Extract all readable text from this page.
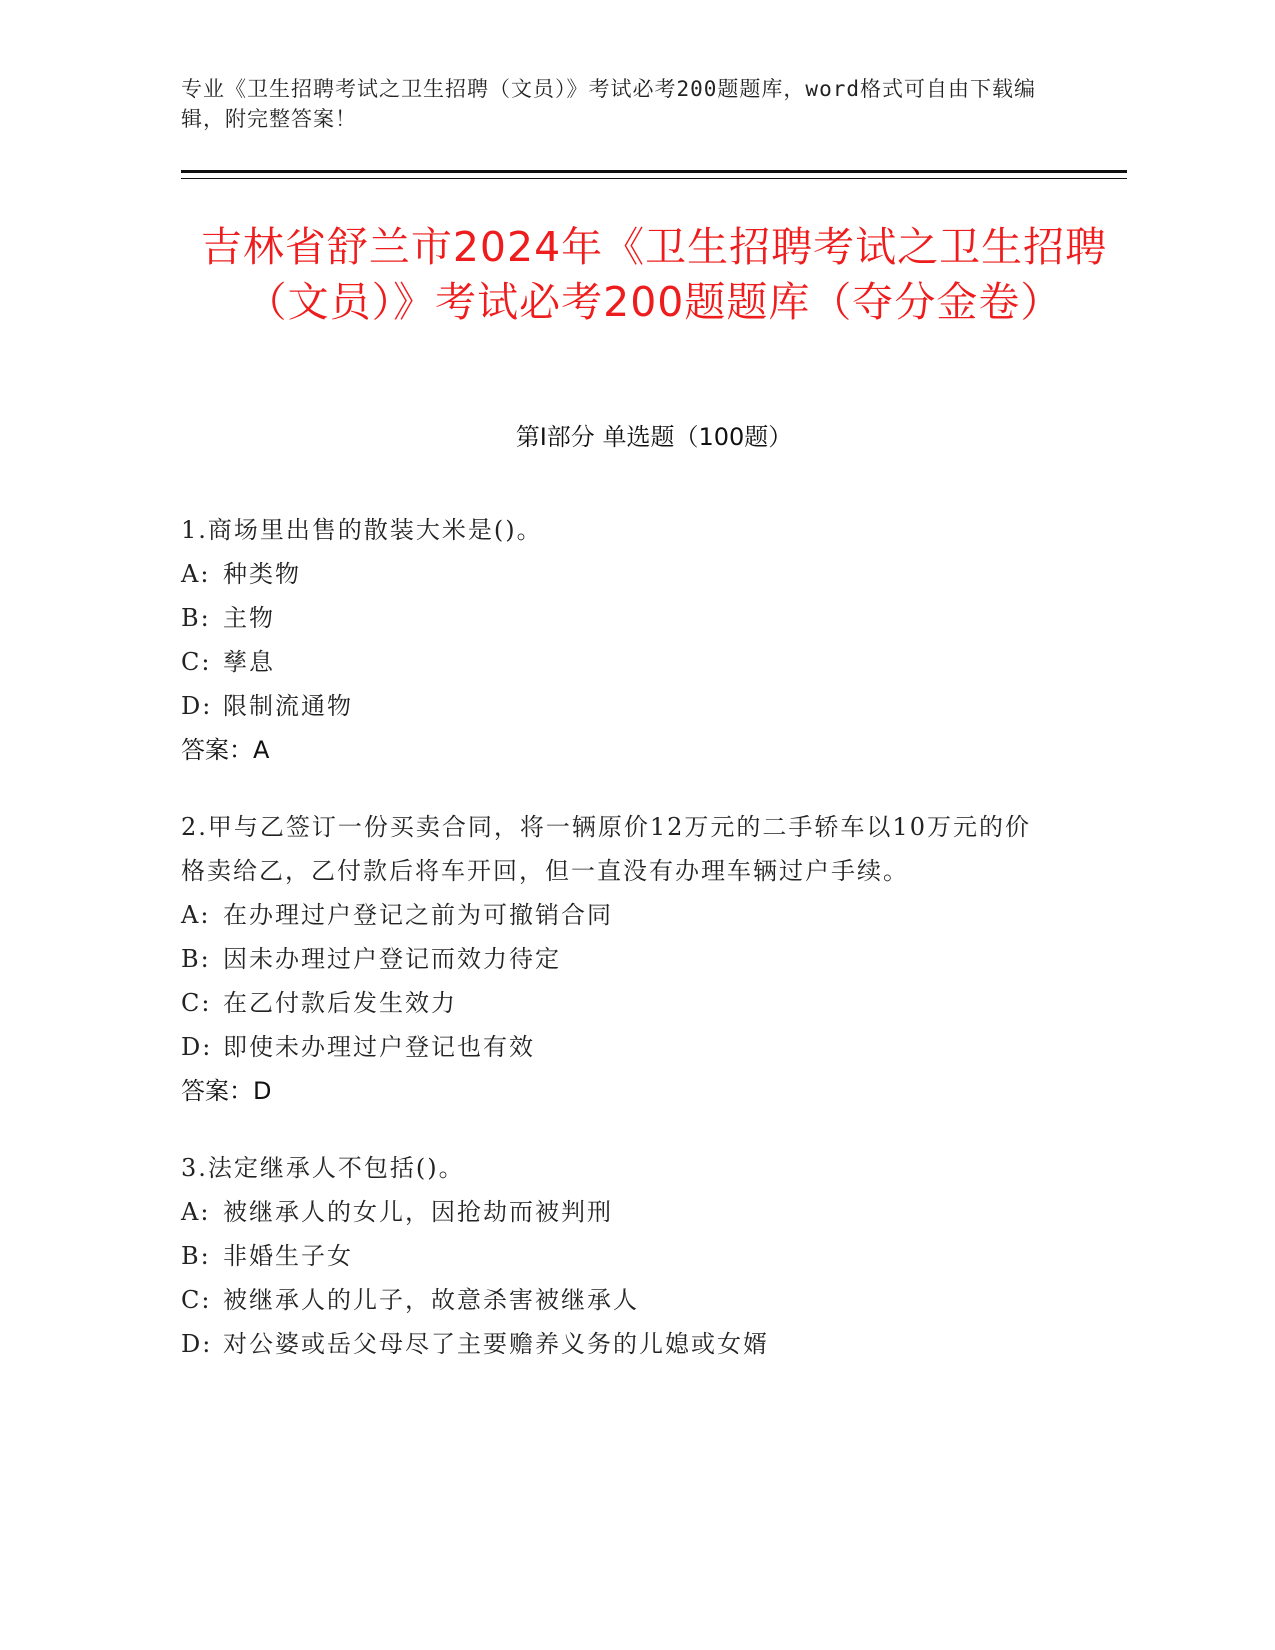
专业《卫生招聘考试之卫生招聘（文员）》考试必考200题题库，word格式可自由下载编辑，附完整答案！
吉林省舒兰市2024年《卫生招聘考试之卫生招聘（文员）》考试必考200题题库（夺分金卷）
第I部分 单选题（100题）
1.商场里出售的散装大米是()。
A: 种类物
B: 主物
C: 孳息
D: 限制流通物
答案：A
2.甲与乙签订一份买卖合同，将一辆原价12万元的二手轿车以10万元的价格卖给乙，乙付款后将车开回，但一直没有办理车辆过户手续。
A: 在办理过户登记之前为可撤销合同
B: 因未办理过户登记而效力待定
C: 在乙付款后发生效力
D: 即使未办理过户登记也有效
答案：D
3.法定继承人不包括()。
A: 被继承人的女儿，因抢劫而被判刑
B: 非婚生子女
C: 被继承人的儿子，故意杀害被继承人
D: 对公婆或岳父母尽了主要赡养义务的儿媳或女婿
